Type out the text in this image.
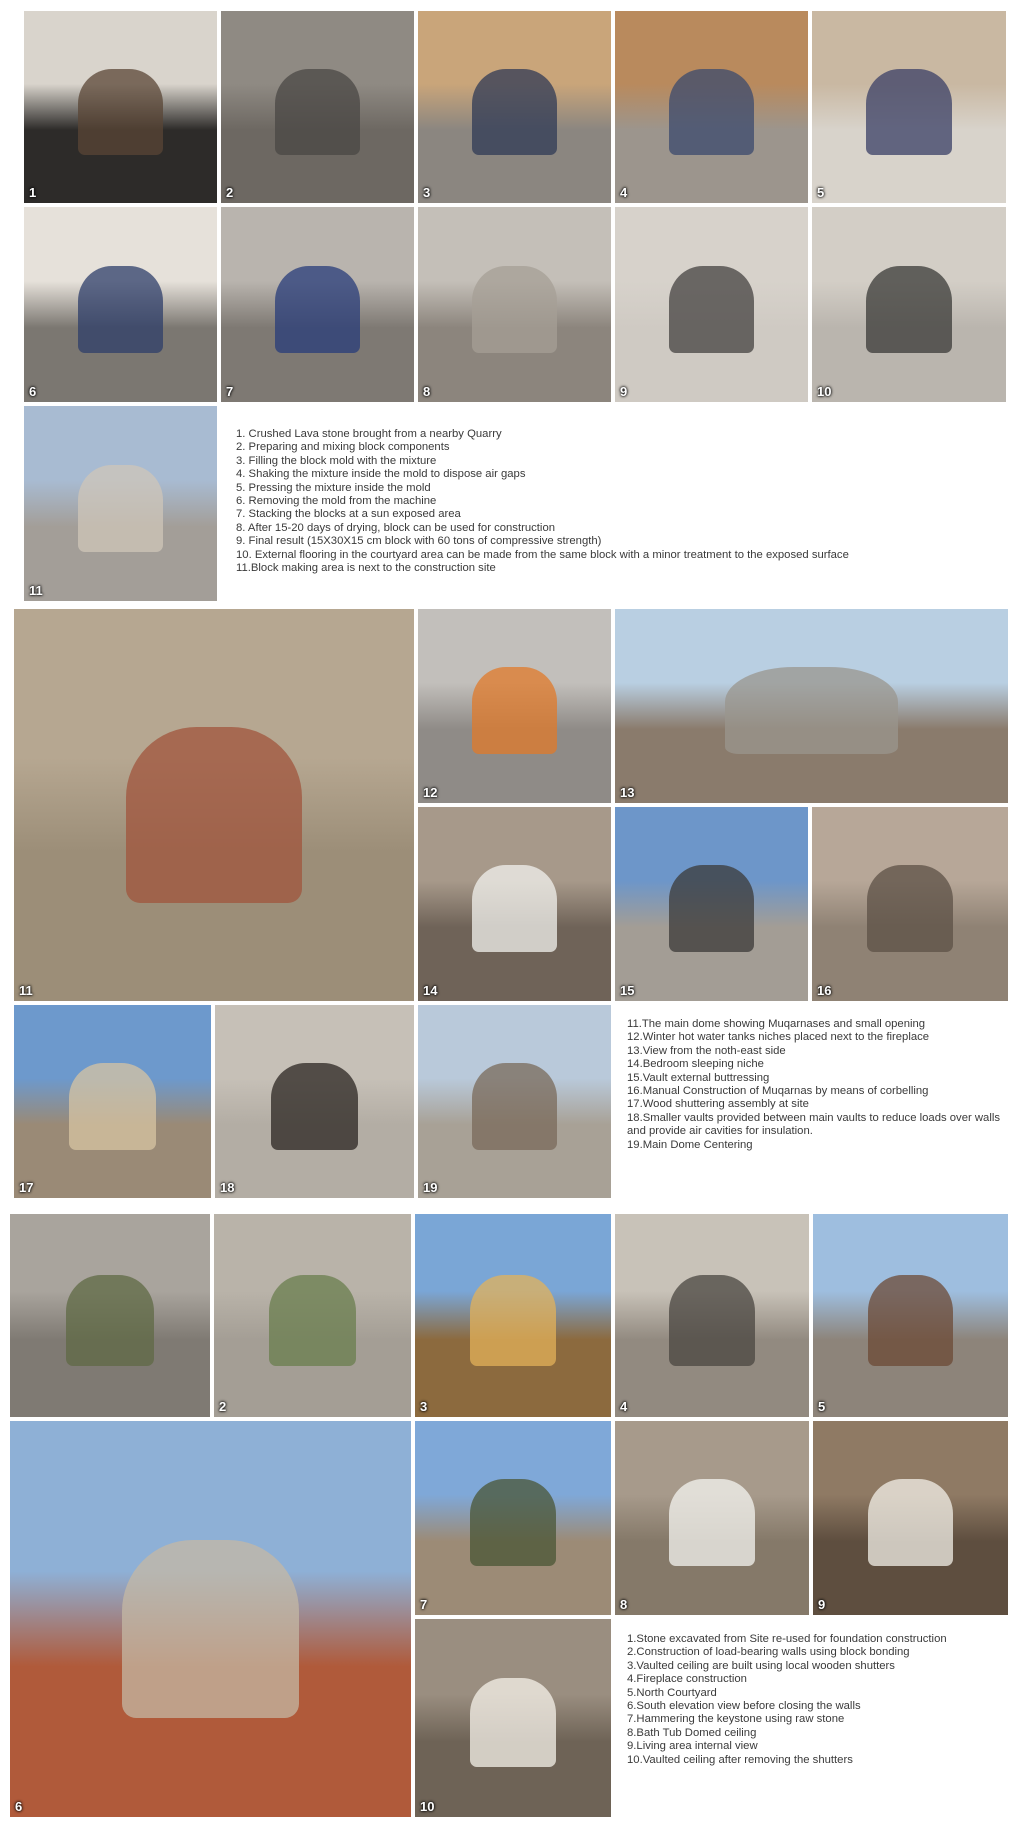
1	2	3	4	5
6	7	8	9	10
11
1. Crushed Lava stone brought from a nearby Quarry
2. Preparing and mixing block components
3. Filling the block mold with the mixture
4. Shaking the mixture inside the mold to dispose air gaps
5. Pressing the mixture inside the mold
6. Removing the mold from the machine
7. Stacking the blocks at a sun exposed area
8. After 15-20 days of drying, block can be used for construction
9. Final result (15X30X15 cm block with 60 tons of compressive strength)
10. External flooring in the courtyard area can be made from the same block with a minor treatment to the exposed surface
11.Block making area is next to the construction site
11
12	13
14	15	16
17	18	19
11.The main dome showing Muqarnases and small opening
12.Winter hot water tanks niches placed next to the fireplace
13.View from the noth-east side
14.Bedroom sleeping niche
15.Vault external buttressing
16.Manual Construction of Muqarnas by means of corbelling
17.Wood shuttering assembly at site
18.Smaller vaults provided between main vaults to reduce loads over walls and provide air cavities for insulation.
19.Main Dome Centering
2	3	4	5
6
7	8	9
10
1.Stone excavated from Site re-used for foundation construction
2.Construction of load-bearing walls using block bonding
3.Vaulted ceiling are built using local wooden shutters
4.Fireplace construction
5.North Courtyard
6.South elevation view before closing the walls
7.Hammering the keystone using raw stone
8.Bath Tub Domed ceiling
9.Living area internal view
10.Vaulted ceiling after removing the shutters
